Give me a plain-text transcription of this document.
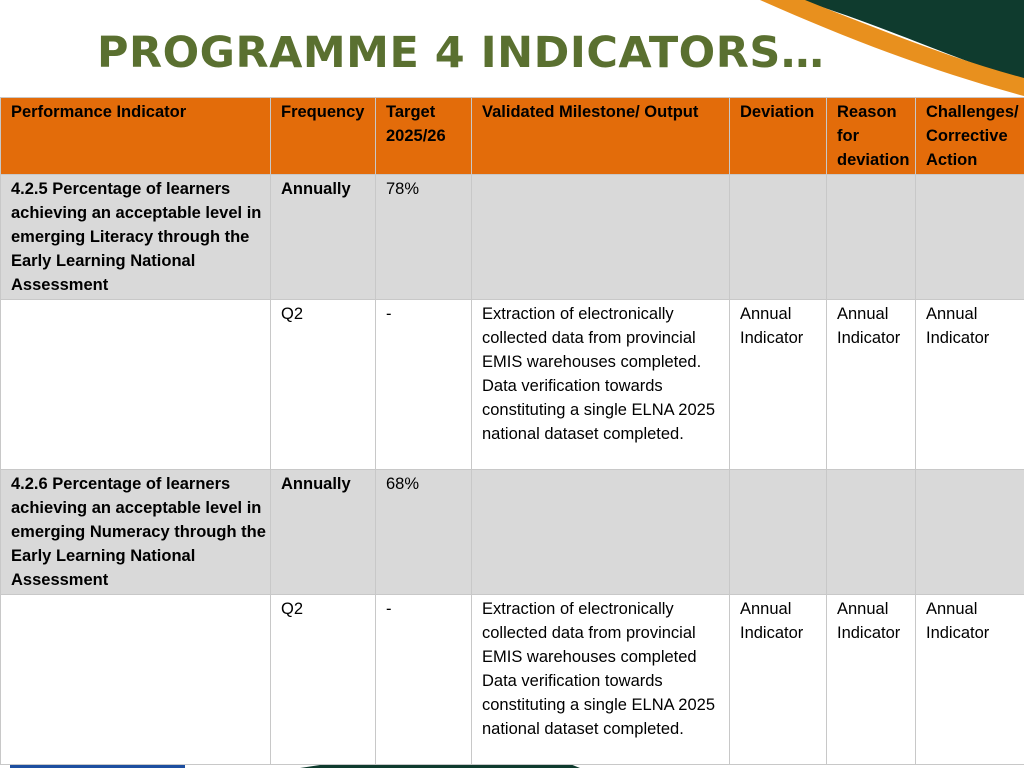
PROGRAMME 4 INDICATORS…
Performance Indicator	Frequency	Target 2025/26	Validated Milestone/ Output	Deviation	Reason for deviation	Challenges/ Corrective Action
4.2.5 Percentage of learners achieving an acceptable level in emerging Literacy through the Early Learning National Assessment	Annually	78%				
	Q2	-	Extraction of electronically collected data from provincial EMIS warehouses completed. Data verification towards constituting a single ELNA 2025 national dataset completed.	Annual Indicator	Annual Indicator	Annual Indicator
4.2.6 Percentage of learners achieving an acceptable level in emerging Numeracy through the Early Learning National Assessment	Annually	68%				
	Q2	-	Extraction of electronically collected data from provincial EMIS warehouses completed Data verification towards constituting a single ELNA 2025 national dataset completed.	Annual Indicator	Annual Indicator	Annual Indicator
